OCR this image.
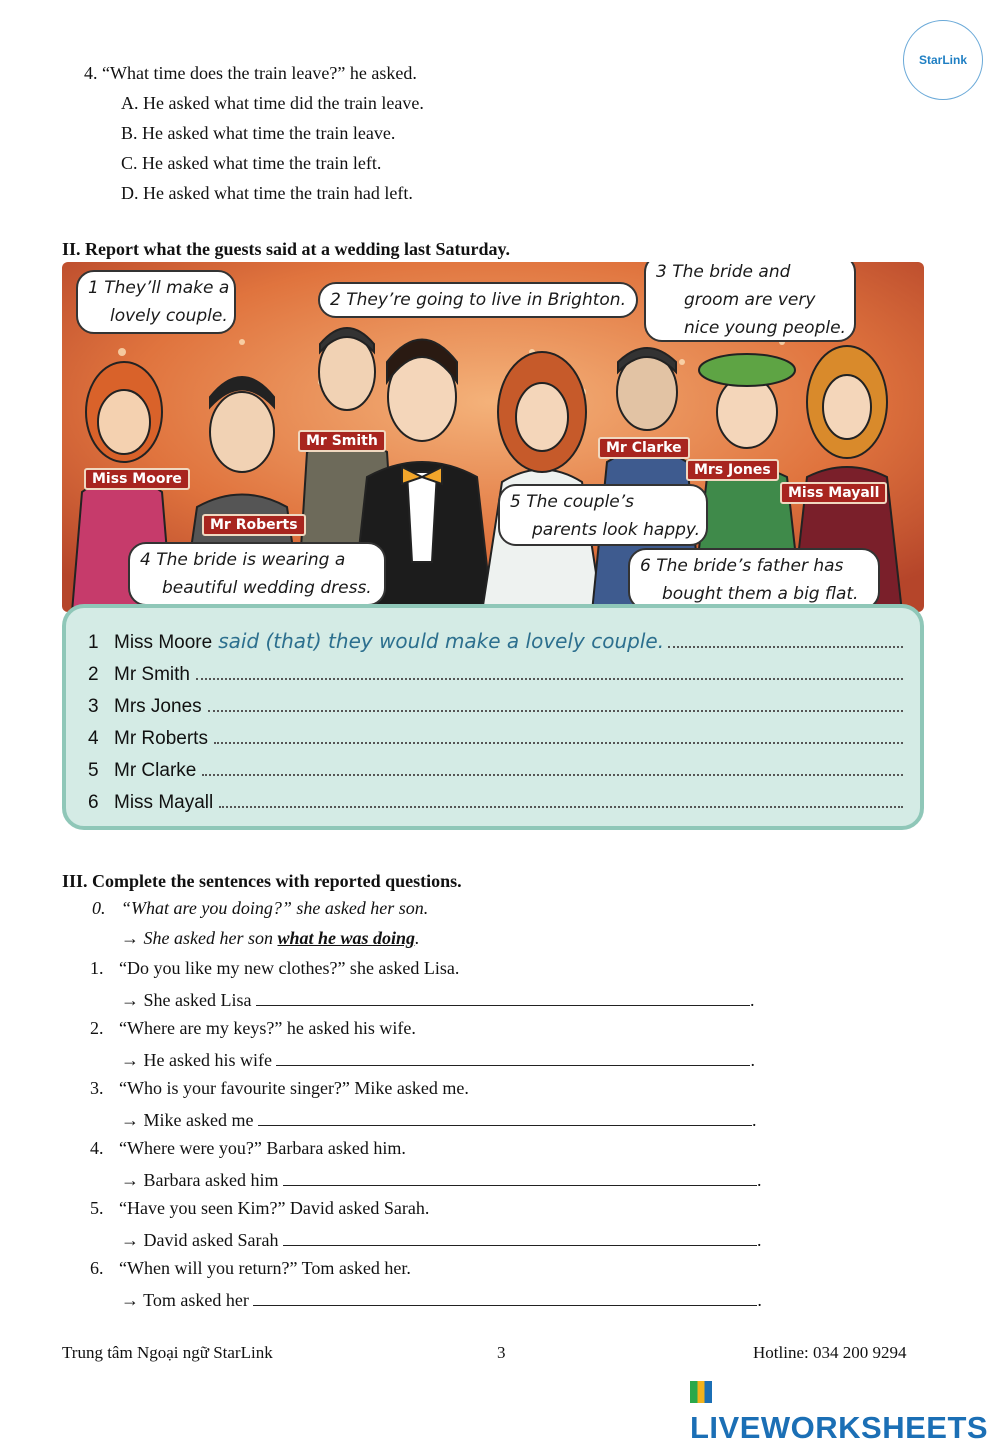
StarLink
4. “What time does the train leave?” he asked.
A. He asked what time did the train leave.
B. He asked what time the train leave.
C. He asked what time the train left.
D. He asked what time the train had left.
II. Report what the guests said at a wedding last Saturday.
1 They’ll make a
lovely couple.
2 They’re going to live in Brighton.
3 The bride and
groom are very
nice young people.
4 The bride is wearing a
beautiful wedding dress.
5 The couple’s
parents look happy.
6 The bride’s father has
bought them a big flat.
Miss Moore
Mr Smith
Mr Roberts
Mr Clarke
Mrs Jones
Miss Mayall
1 Miss Moore said (that) they would make a lovely couple.
2 Mr Smith
3 Mrs Jones
4 Mr Roberts
5 Mr Clarke
6 Miss Mayall
III. Complete the sentences with reported questions.
0. “What are you doing?” she asked her son.
→ She asked her son what he was doing.
1. “Do you like my new clothes?” she asked Lisa.
→ She asked Lisa	.
2. “Where are my keys?” he asked his wife.
→ He asked his wife	.
3. “Who is your favourite singer?” Mike asked me.
→ Mike asked me	.
4. “Where were you?” Barbara asked him.
→ Barbara asked him	.
5. “Have you seen Kim?” David asked Sarah.
→ David asked Sarah	.
6. “When will you return?” Tom asked her.
→ Tom asked her	.
Trung tâm Ngoại ngữ StarLink	3	Hotline: 034 200 9294
LIVEWORKSHEETS
